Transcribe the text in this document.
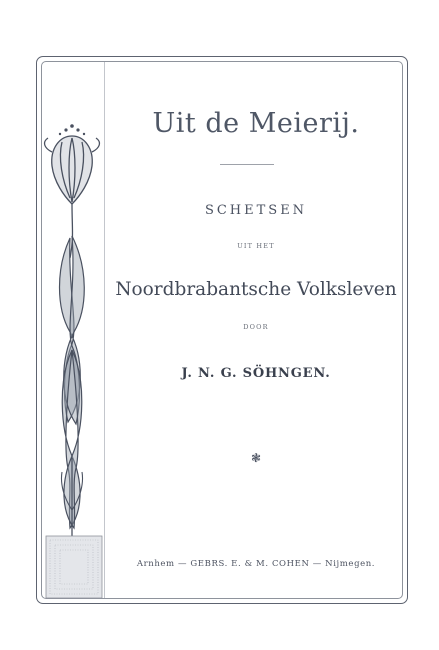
Uit de Meierij.
SCHETSEN
UIT HET
Noordbrabantsche Volksleven
DOOR
J. N. G. SÖHNGEN.
❃
Arnhem — GEBRS. E. & M. COHEN — Nijmegen.
